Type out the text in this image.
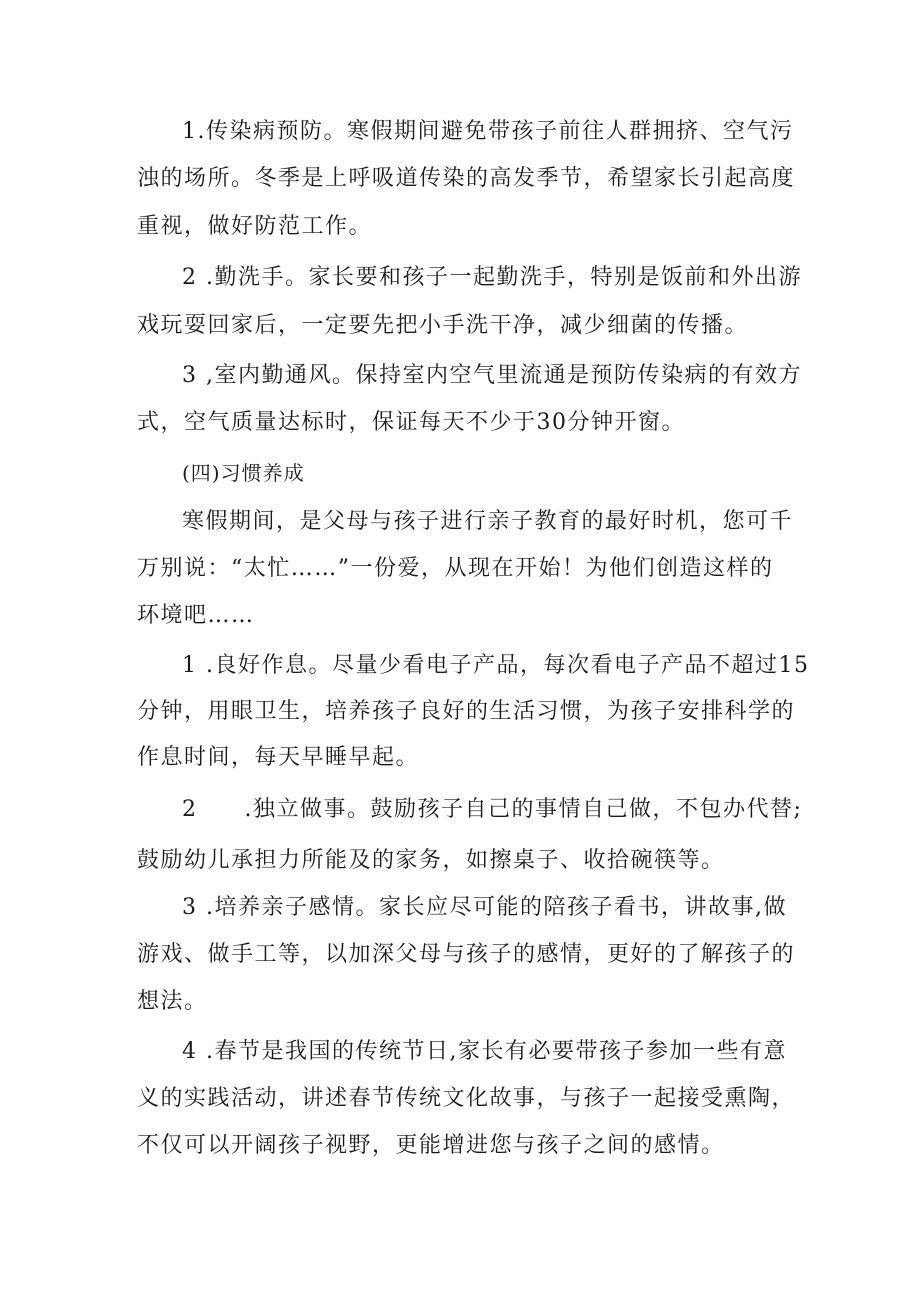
1.传染病预防。寒假期间避免带孩子前往人群拥挤、空气污
浊的场所。冬季是上呼吸道传染的高发季节，希望家长引起高度
重视，做好防范工作。
2 .勤洗手。家长要和孩子一起勤洗手，特别是饭前和外出游
戏玩耍回家后，一定要先把小手洗干净，减少细菌的传播。
3 ,室内勤通风。保持室内空气里流通是预防传染病的有效方
式，空气质量达标时，保证每天不少于30分钟开窗。
(四)习惯养成
寒假期间，是父母与孩子进行亲子教育的最好时机，您可千
万别说：“太忙……”一份爱，从现在开始！为他们创造这样的
环境吧……
1 .良好作息。尽量少看电子产品，每次看电子产品不超过15
分钟，用眼卫生，培养孩子良好的生活习惯，为孩子安排科学的
作息时间，每天早睡早起。
2　　.独立做事。鼓励孩子自己的事情自己做，不包办代替;
鼓励幼儿承担力所能及的家务，如擦桌子、收拾碗筷等。
3 .培养亲子感情。家长应尽可能的陪孩子看书，讲故事,做
游戏、做手工等，以加深父母与孩子的感情，更好的了解孩子的
想法。
4 .春节是我国的传统节日,家长有必要带孩子参加一些有意
义的实践活动，讲述春节传统文化故事，与孩子一起接受熏陶，
不仅可以开阔孩子视野，更能增进您与孩子之间的感情。
